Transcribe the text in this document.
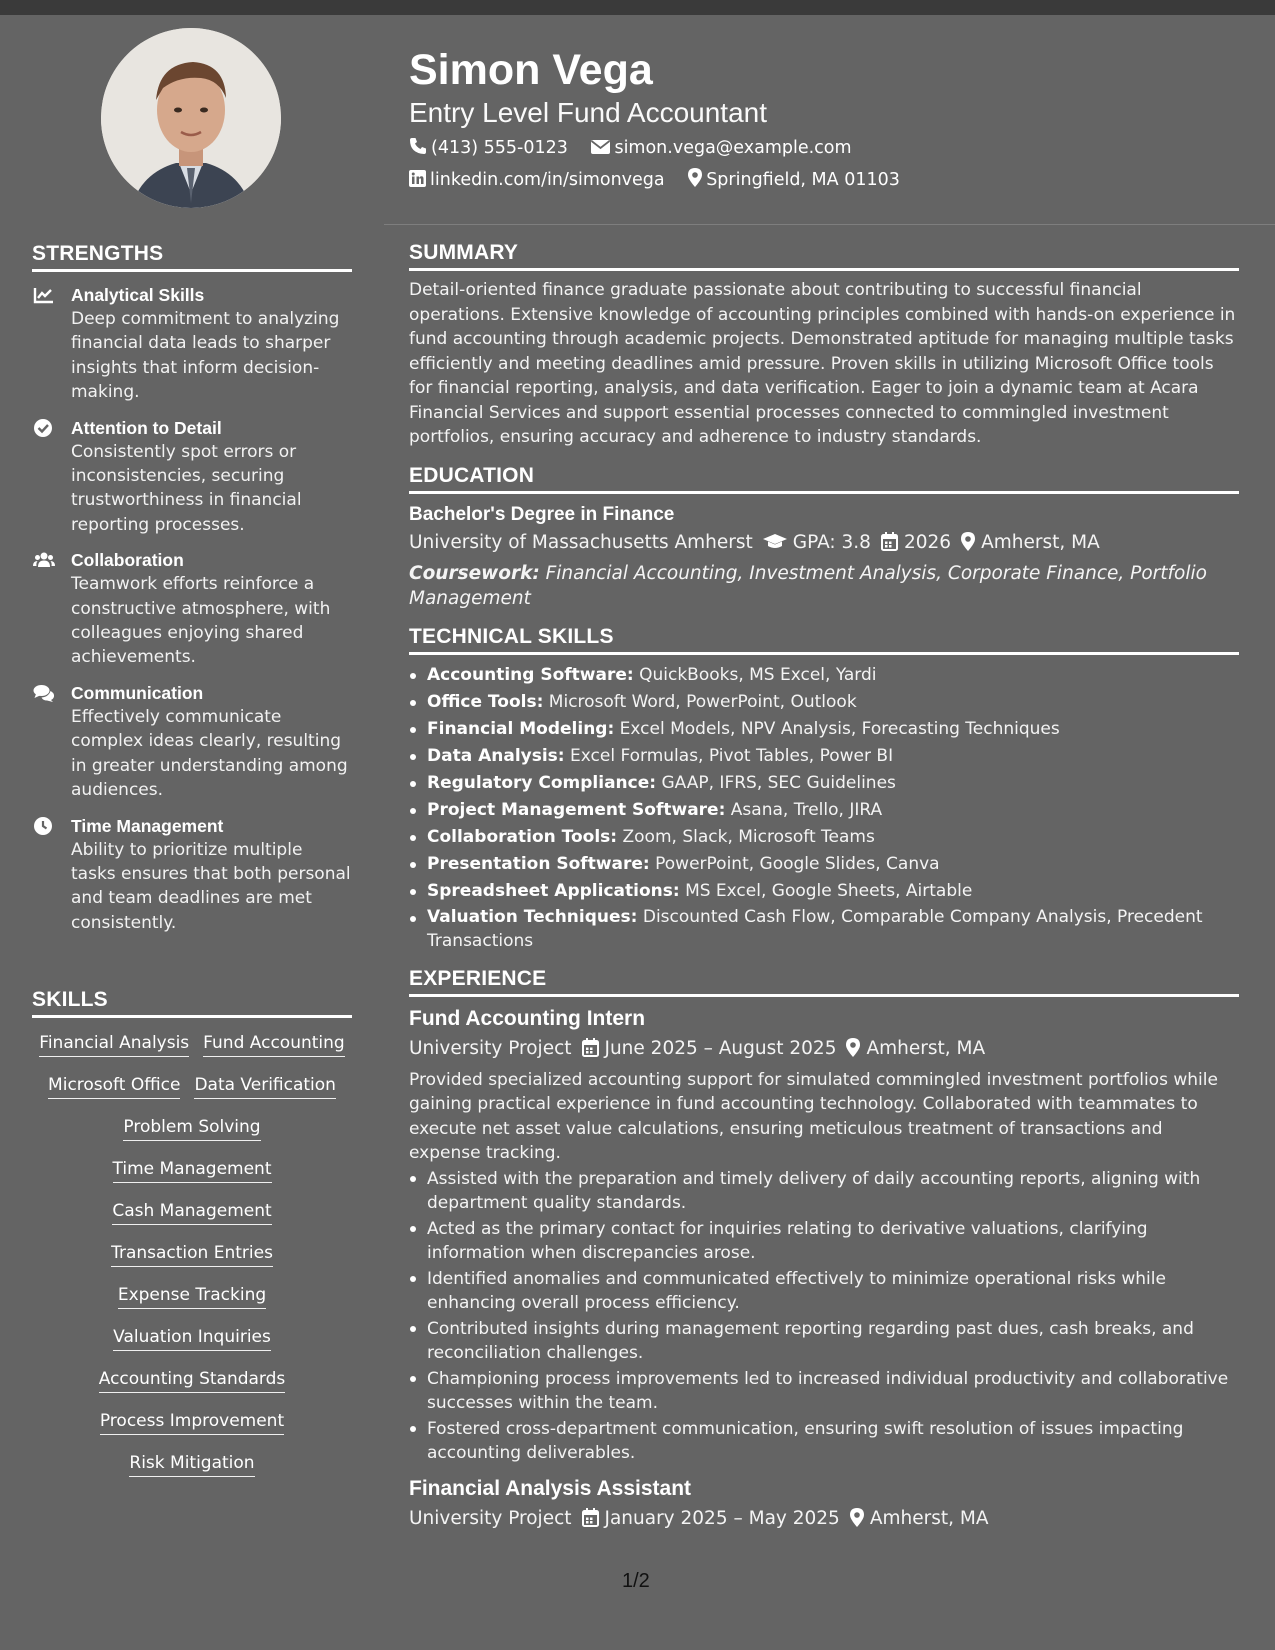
STRENGTHS
Analytical Skills
Deep commitment to analyzing financial data leads to sharper insights that inform decision-making.
Attention to Detail
Consistently spot errors or inconsistencies, securing trustworthiness in financial reporting processes.
Collaboration
Teamwork efforts reinforce a constructive atmosphere, with colleagues enjoying shared achievements.
Communication
Effectively communicate complex ideas clearly, resulting in greater understanding among audiences.
Time Management
Ability to prioritize multiple tasks ensures that both personal and team deadlines are met consistently.
SKILLS
Financial Analysis Fund Accounting
Microsoft Office Data Verification
Problem Solving
Time Management
Cash Management
Transaction Entries
Expense Tracking
Valuation Inquiries
Accounting Standards
Process Improvement
Risk Mitigation
Simon Vega
Entry Level Fund Accountant
(413) 555-0123	simon.vega@example.com
linkedin.com/in/simonvega Springfield, MA 01103
SUMMARY
Detail-oriented finance graduate passionate about contributing to successful financial operations. Extensive knowledge of accounting principles combined with hands-on experience in fund accounting through academic projects. Demonstrated aptitude for managing multiple tasks efficiently and meeting deadlines amid pressure. Proven skills in utilizing Microsoft Office tools for financial reporting, analysis, and data verification. Eager to join a dynamic team at Acara Financial Services and support essential processes connected to commingled investment portfolios, ensuring accuracy and adherence to industry standards.
EDUCATION
Bachelor's Degree in Finance
University of Massachusetts Amherst GPA: 3.8 2026 Amherst, MA
Coursework: Financial Accounting, Investment Analysis, Corporate Finance, Portfolio Management
TECHNICAL SKILLS
Accounting Software: QuickBooks, MS Excel, Yardi
Office Tools: Microsoft Word, PowerPoint, Outlook
Financial Modeling: Excel Models, NPV Analysis, Forecasting Techniques
Data Analysis: Excel Formulas, Pivot Tables, Power BI
Regulatory Compliance: GAAP, IFRS, SEC Guidelines
Project Management Software: Asana, Trello, JIRA
Collaboration Tools: Zoom, Slack, Microsoft Teams
Presentation Software: PowerPoint, Google Slides, Canva
Spreadsheet Applications: MS Excel, Google Sheets, Airtable
Valuation Techniques: Discounted Cash Flow, Comparable Company Analysis, Precedent Transactions
EXPERIENCE
Fund Accounting Intern
University Project June 2025 – August 2025 Amherst, MA
Provided specialized accounting support for simulated commingled investment portfolios while gaining practical experience in fund accounting technology. Collaborated with teammates to execute net asset value calculations, ensuring meticulous treatment of transactions and expense tracking.
Assisted with the preparation and timely delivery of daily accounting reports, aligning with department quality standards.
Acted as the primary contact for inquiries relating to derivative valuations, clarifying information when discrepancies arose.
Identified anomalies and communicated effectively to minimize operational risks while enhancing overall process efficiency.
Contributed insights during management reporting regarding past dues, cash breaks, and reconciliation challenges.
Championing process improvements led to increased individual productivity and collaborative successes within the team.
Fostered cross-department communication, ensuring swift resolution of issues impacting accounting deliverables.
Financial Analysis Assistant
University Project January 2025 – May 2025 Amherst, MA
1/2
